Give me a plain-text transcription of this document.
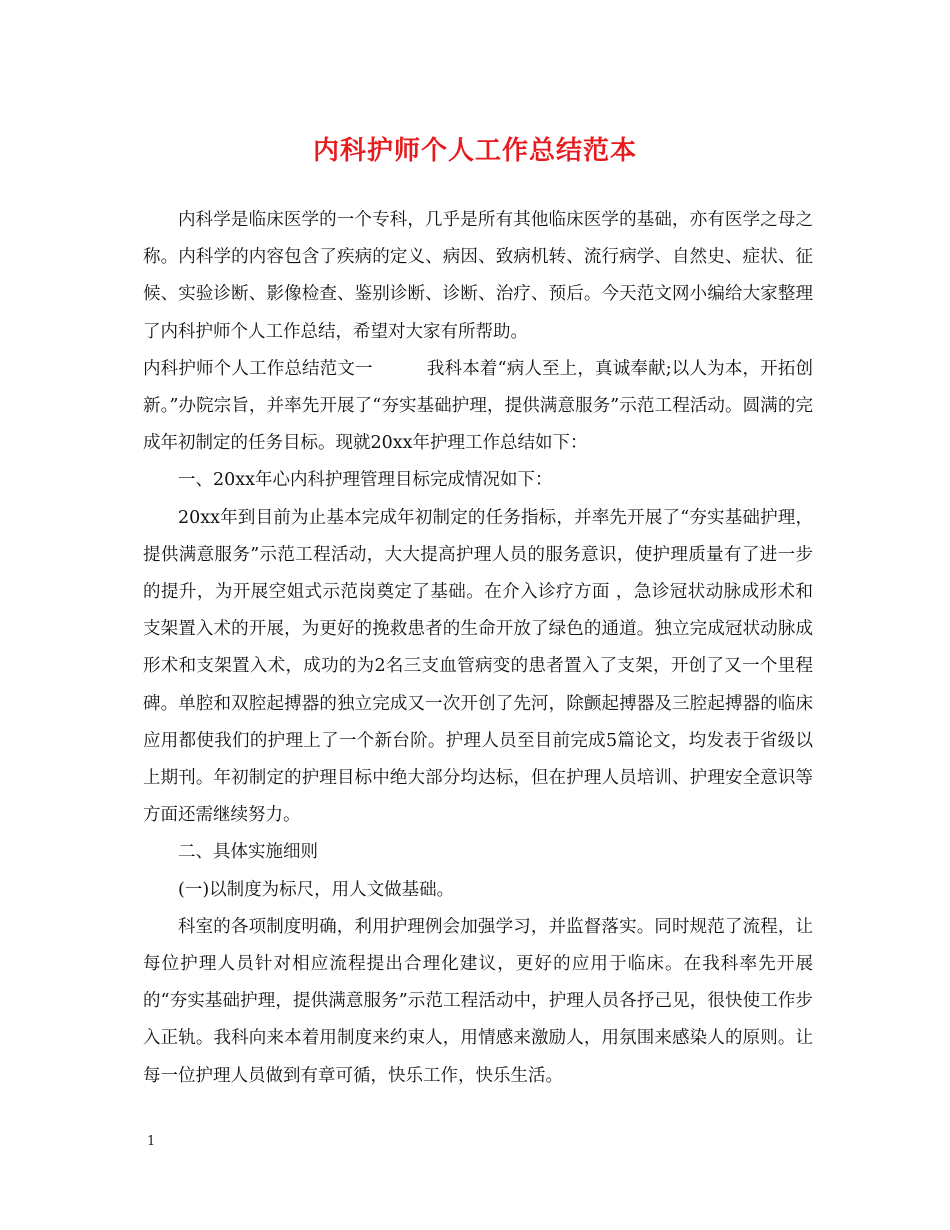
内科护师个人工作总结范本

内科学是临床医学的一个专科，几乎是所有其他临床医学的基础，亦有医学之母之称。内科学的内容包含了疾病的定义、病因、致病机转、流行病学、自然史、症状、征候、实验诊断、影像检查、鉴别诊断、诊断、治疗、预后。今天范文网小编给大家整理了内科护师个人工作总结，希望对大家有所帮助。

内科护师个人工作总结范文一	我科本着“病人至上，真诚奉献;以人为本，开拓创新。”办院宗旨，并率先开展了“夯实基础护理，提供满意服务”示范工程活动。圆满的完成年初制定的任务目标。现就20xx年护理工作总结如下：

一、20xx年心内科护理管理目标完成情况如下：

20xx年到目前为止基本完成年初制定的任务指标，并率先开展了“夯实基础护理，提供满意服务”示范工程活动，大大提高护理人员的服务意识，使护理质量有了进一步的提升，为开展空姐式示范岗奠定了基础。在介入诊疗方面 ，急诊冠状动脉成形术和支架置入术的开展，为更好的挽救患者的生命开放了绿色的通道。独立完成冠状动脉成形术和支架置入术，成功的为2名三支血管病变的患者置入了支架，开创了又一个里程碑。单腔和双腔起搏器的独立完成又一次开创了先河，除颤起搏器及三腔起搏器的临床应用都使我们的护理上了一个新台阶。护理人员至目前完成5篇论文，均发表于省级以上期刊。年初制定的护理目标中绝大部分均达标，但在护理人员培训、护理安全意识等方面还需继续努力。

二、具体实施细则

(一)以制度为标尺，用人文做基础。

科室的各项制度明确，利用护理例会加强学习，并监督落实。同时规范了流程，让每位护理人员针对相应流程提出合理化建议，更好的应用于临床。在我科率先开展的“夯实基础护理，提供满意服务”示范工程活动中，护理人员各抒己见，很快使工作步入正轨。我科向来本着用制度来约束人，用情感来激励人，用氛围来感染人的原则。让每一位护理人员做到有章可循，快乐工作，快乐生活。

1
